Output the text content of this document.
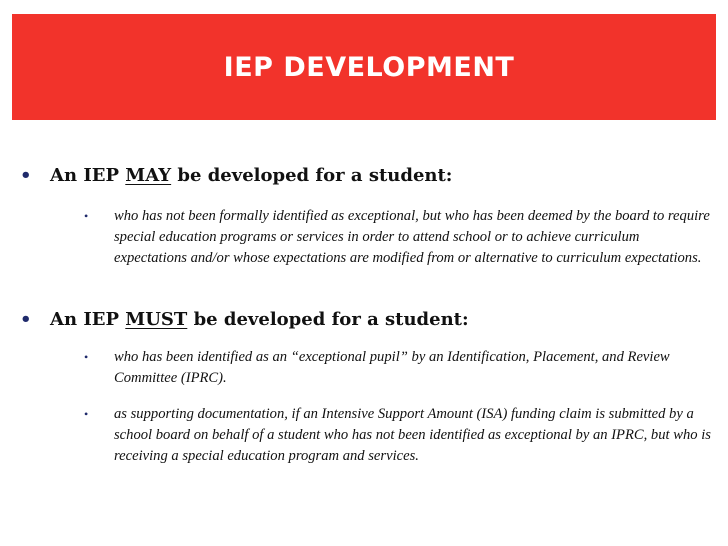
IEP DEVELOPMENT
•	An IEP
MAY
be developed for a student:
•	who has not been formally identified as exceptional, but who has been deemed by the board to require special education programs or services in order to attend school or to achieve curriculum expectations and/or whose expectations are modified from or alternative to curriculum expectations.
•	An IEP
MUST
be developed for a student:
•	who has been identified as an “exceptional pupil” by an Identification, Placement, and Review Committee (IPRC).
•	as supporting documentation, if an Intensive Support Amount (ISA) funding claim is submitted by a school board on behalf of a student who has not been identified as exceptional by an IPRC, but who is receiving a special education program and services.
